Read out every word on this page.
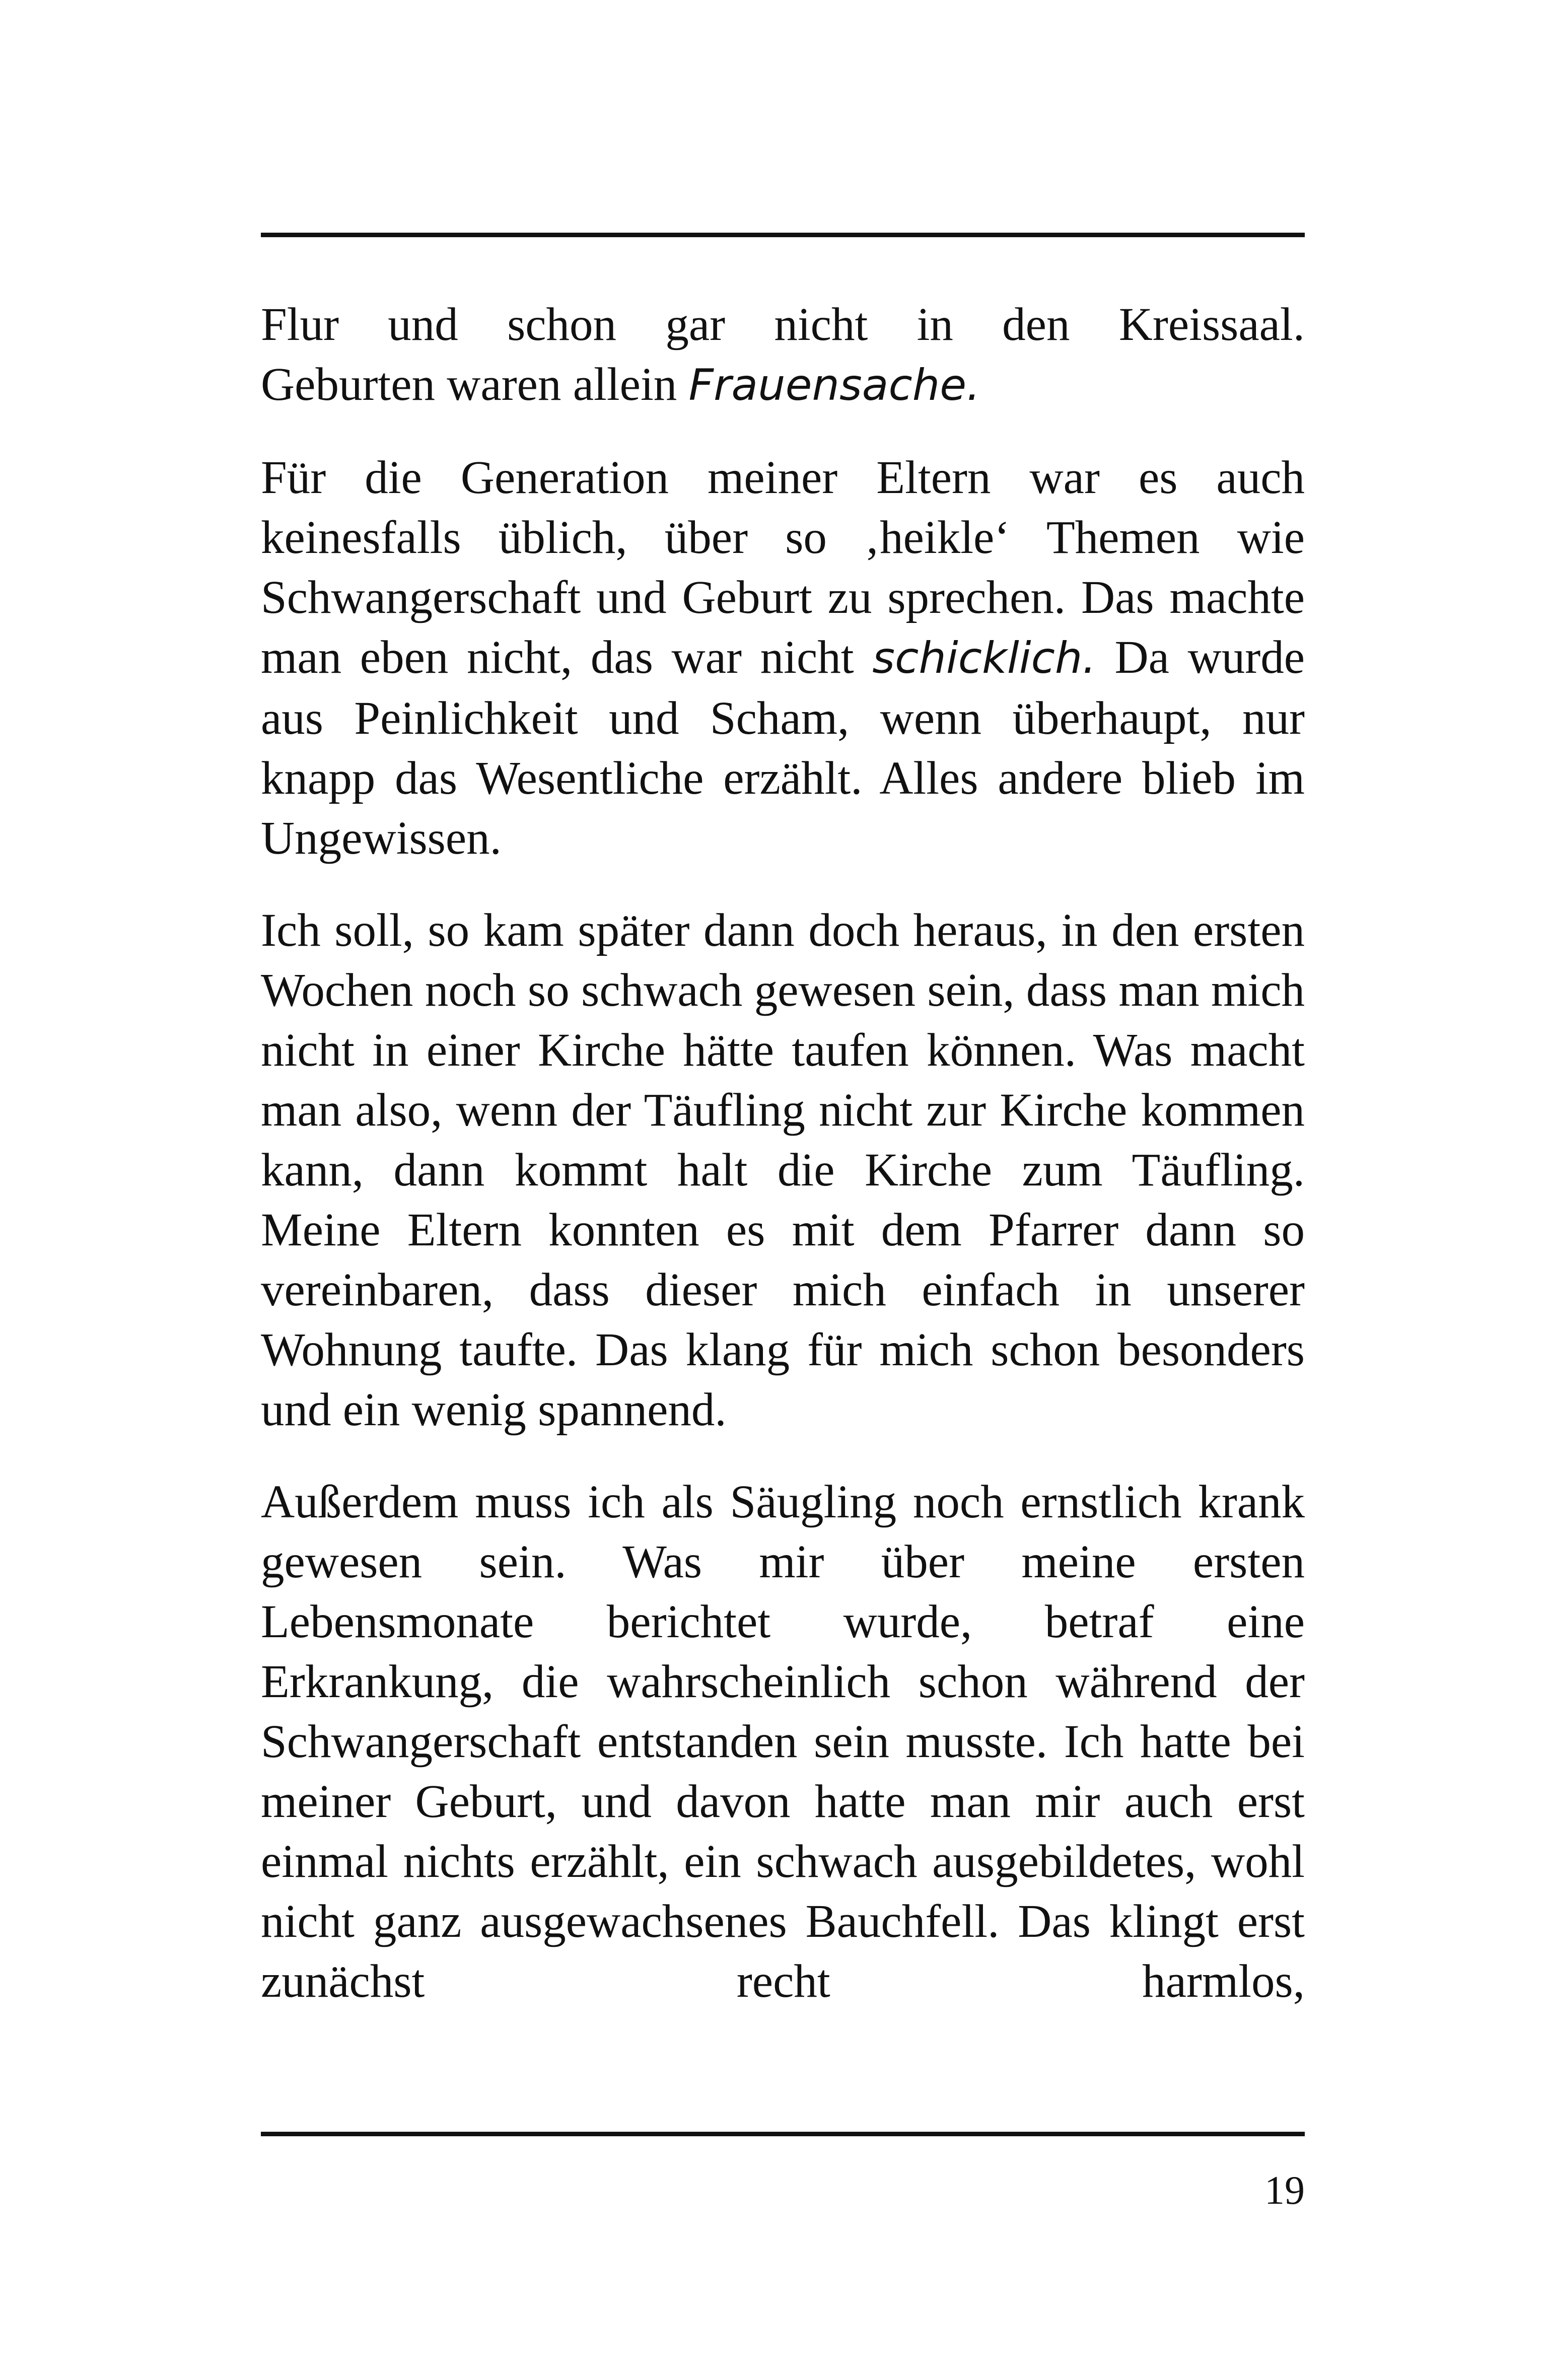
Flur und schon gar nicht in den Kreissaal.
Geburten waren allein Frauensache.

Für die Generation meiner Eltern war es auch keinesfalls üblich, über so ‚heikle‘ Themen wie Schwangerschaft und Geburt zu sprechen. Das machte man eben nicht, das war nicht schicklich. Da wurde aus Peinlichkeit und Scham, wenn überhaupt, nur knapp das Wesentliche erzählt. Alles andere blieb im Ungewissen.

Ich soll, so kam später dann doch heraus, in den ersten Wochen noch so schwach gewesen sein, dass man mich nicht in einer Kirche hätte taufen können. Was macht man also, wenn der Täufling nicht zur Kirche kommen kann, dann kommt halt die Kirche zum Täufling. Meine Eltern konnten es mit dem Pfarrer dann so vereinbaren, dass dieser mich einfach in unserer Wohnung taufte. Das klang für mich schon besonders und ein wenig spannend.

Außerdem muss ich als Säugling noch ernstlich krank gewesen sein. Was mir über meine ersten Lebensmonate berichtet wurde, betraf eine Erkrankung, die wahrscheinlich schon während der Schwangerschaft entstanden sein musste. Ich hatte bei meiner Geburt, und davon hatte man mir auch erst einmal nichts erzählt, ein schwach ausgebildetes, wohl nicht ganz ausgewachsenes Bauchfell. Das klingt erst zunächst recht harmlos,

19
